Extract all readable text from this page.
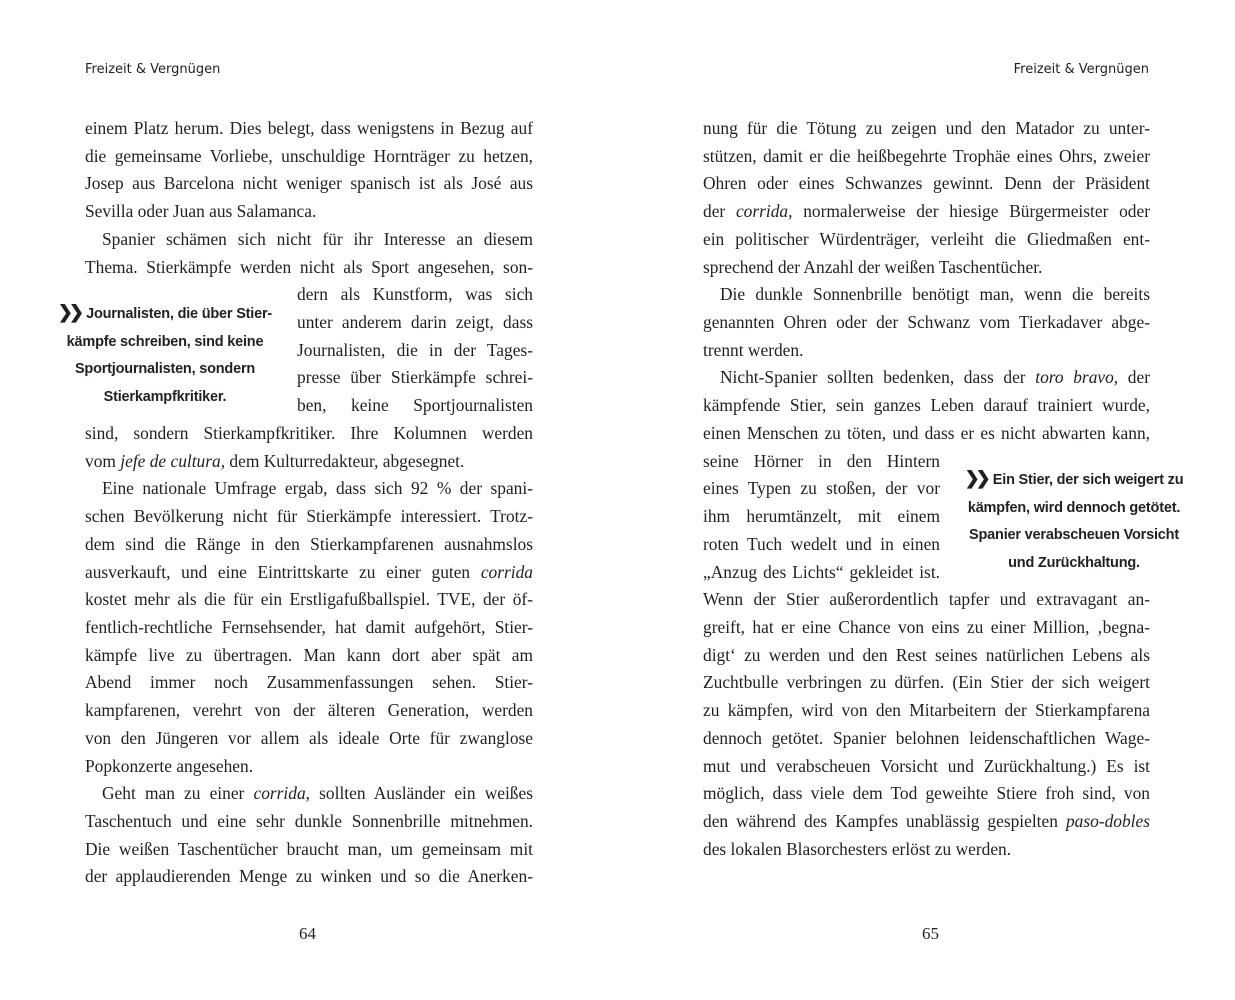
Freizeit & Vergnügen
einem Platz herum. Dies belegt, dass wenigstens in Bezug auf
die gemeinsame Vorliebe, unschuldige Hornträger zu hetzen,
Josep aus Barcelona nicht weniger spanisch ist als José aus
Sevilla oder Juan aus Salamanca.
Spanier schämen sich nicht für ihr Interesse an diesem
Thema. Stierkämpfe werden nicht als Sport angesehen, son-
dern als Kunstform, was sich
unter anderem darin zeigt, dass
Journalisten, die in der Tages-
presse über Stierkämpfe schrei-
ben, keine Sportjournalisten
sind, sondern Stierkampfkritiker. Ihre Kolumnen werden
vom jefe de cultura, dem Kulturredakteur, abgesegnet.
Eine nationale Umfrage ergab, dass sich 92 % der spani-
schen Bevölkerung nicht für Stierkämpfe interessiert. Trotz-
dem sind die Ränge in den Stierkampfarenen ausnahmslos
ausverkauft, und eine Eintrittskarte zu einer guten corrida
kostet mehr als die für ein Erstligafußballspiel. TVE, der öf-
fentlich-rechtliche Fernsehsender, hat damit aufgehört, Stier-
kämpfe live zu übertragen. Man kann dort aber spät am
Abend immer noch Zusammenfassungen sehen. Stier-
kampfarenen, verehrt von der älteren Generation, werden
von den Jüngeren vor allem als ideale Orte für zwanglose
Popkonzerte angesehen.
Geht man zu einer corrida, sollten Ausländer ein weißes
Taschentuch und eine sehr dunkle Sonnenbrille mitnehmen.
Die weißen Taschentücher braucht man, um gemeinsam mit
der applaudierenden Menge zu winken und so die Anerken-
❯❯ Journalisten, die über Stier-
kämpfe schreiben, sind keine
Sportjournalisten, sondern
Stierkampfkritiker.
64
Freizeit & Vergnügen
nung für die Tötung zu zeigen und den Matador zu unter-
stützen, damit er die heißbegehrte Trophäe eines Ohrs, zweier
Ohren oder eines Schwanzes gewinnt. Denn der Präsident
der corrida, normalerweise der hiesige Bürgermeister oder
ein politischer Würdenträger, verleiht die Gliedmaßen ent-
sprechend der Anzahl der weißen Taschentücher.
Die dunkle Sonnenbrille benötigt man, wenn die bereits
genannten Ohren oder der Schwanz vom Tierkadaver abge-
trennt werden.
Nicht-Spanier sollten bedenken, dass der toro bravo, der
kämpfende Stier, sein ganzes Leben darauf trainiert wurde,
einen Menschen zu töten, und dass er es nicht abwarten kann,
seine Hörner in den Hintern
eines Typen zu stoßen, der vor
ihm herumtänzelt, mit einem
roten Tuch wedelt und in einen
„Anzug des Lichts“ gekleidet ist.
Wenn der Stier außerordentlich tapfer und extravagant an-
greift, hat er eine Chance von eins zu einer Million, ‚begna-
digt‘ zu werden und den Rest seines natürlichen Lebens als
Zuchtbulle verbringen zu dürfen. (Ein Stier der sich weigert
zu kämpfen, wird von den Mitarbeitern der Stierkampfarena
dennoch getötet. Spanier belohnen leidenschaftlichen Wage-
mut und verabscheuen Vorsicht und Zurückhaltung.) Es ist
möglich, dass viele dem Tod geweihte Stiere froh sind, von
den während des Kampfes unablässig gespielten paso-dobles
des lokalen Blasorchesters erlöst zu werden.
❯❯ Ein Stier, der sich weigert zu
kämpfen, wird dennoch getötet.
Spanier verabscheuen Vorsicht
und Zurückhaltung.
65
